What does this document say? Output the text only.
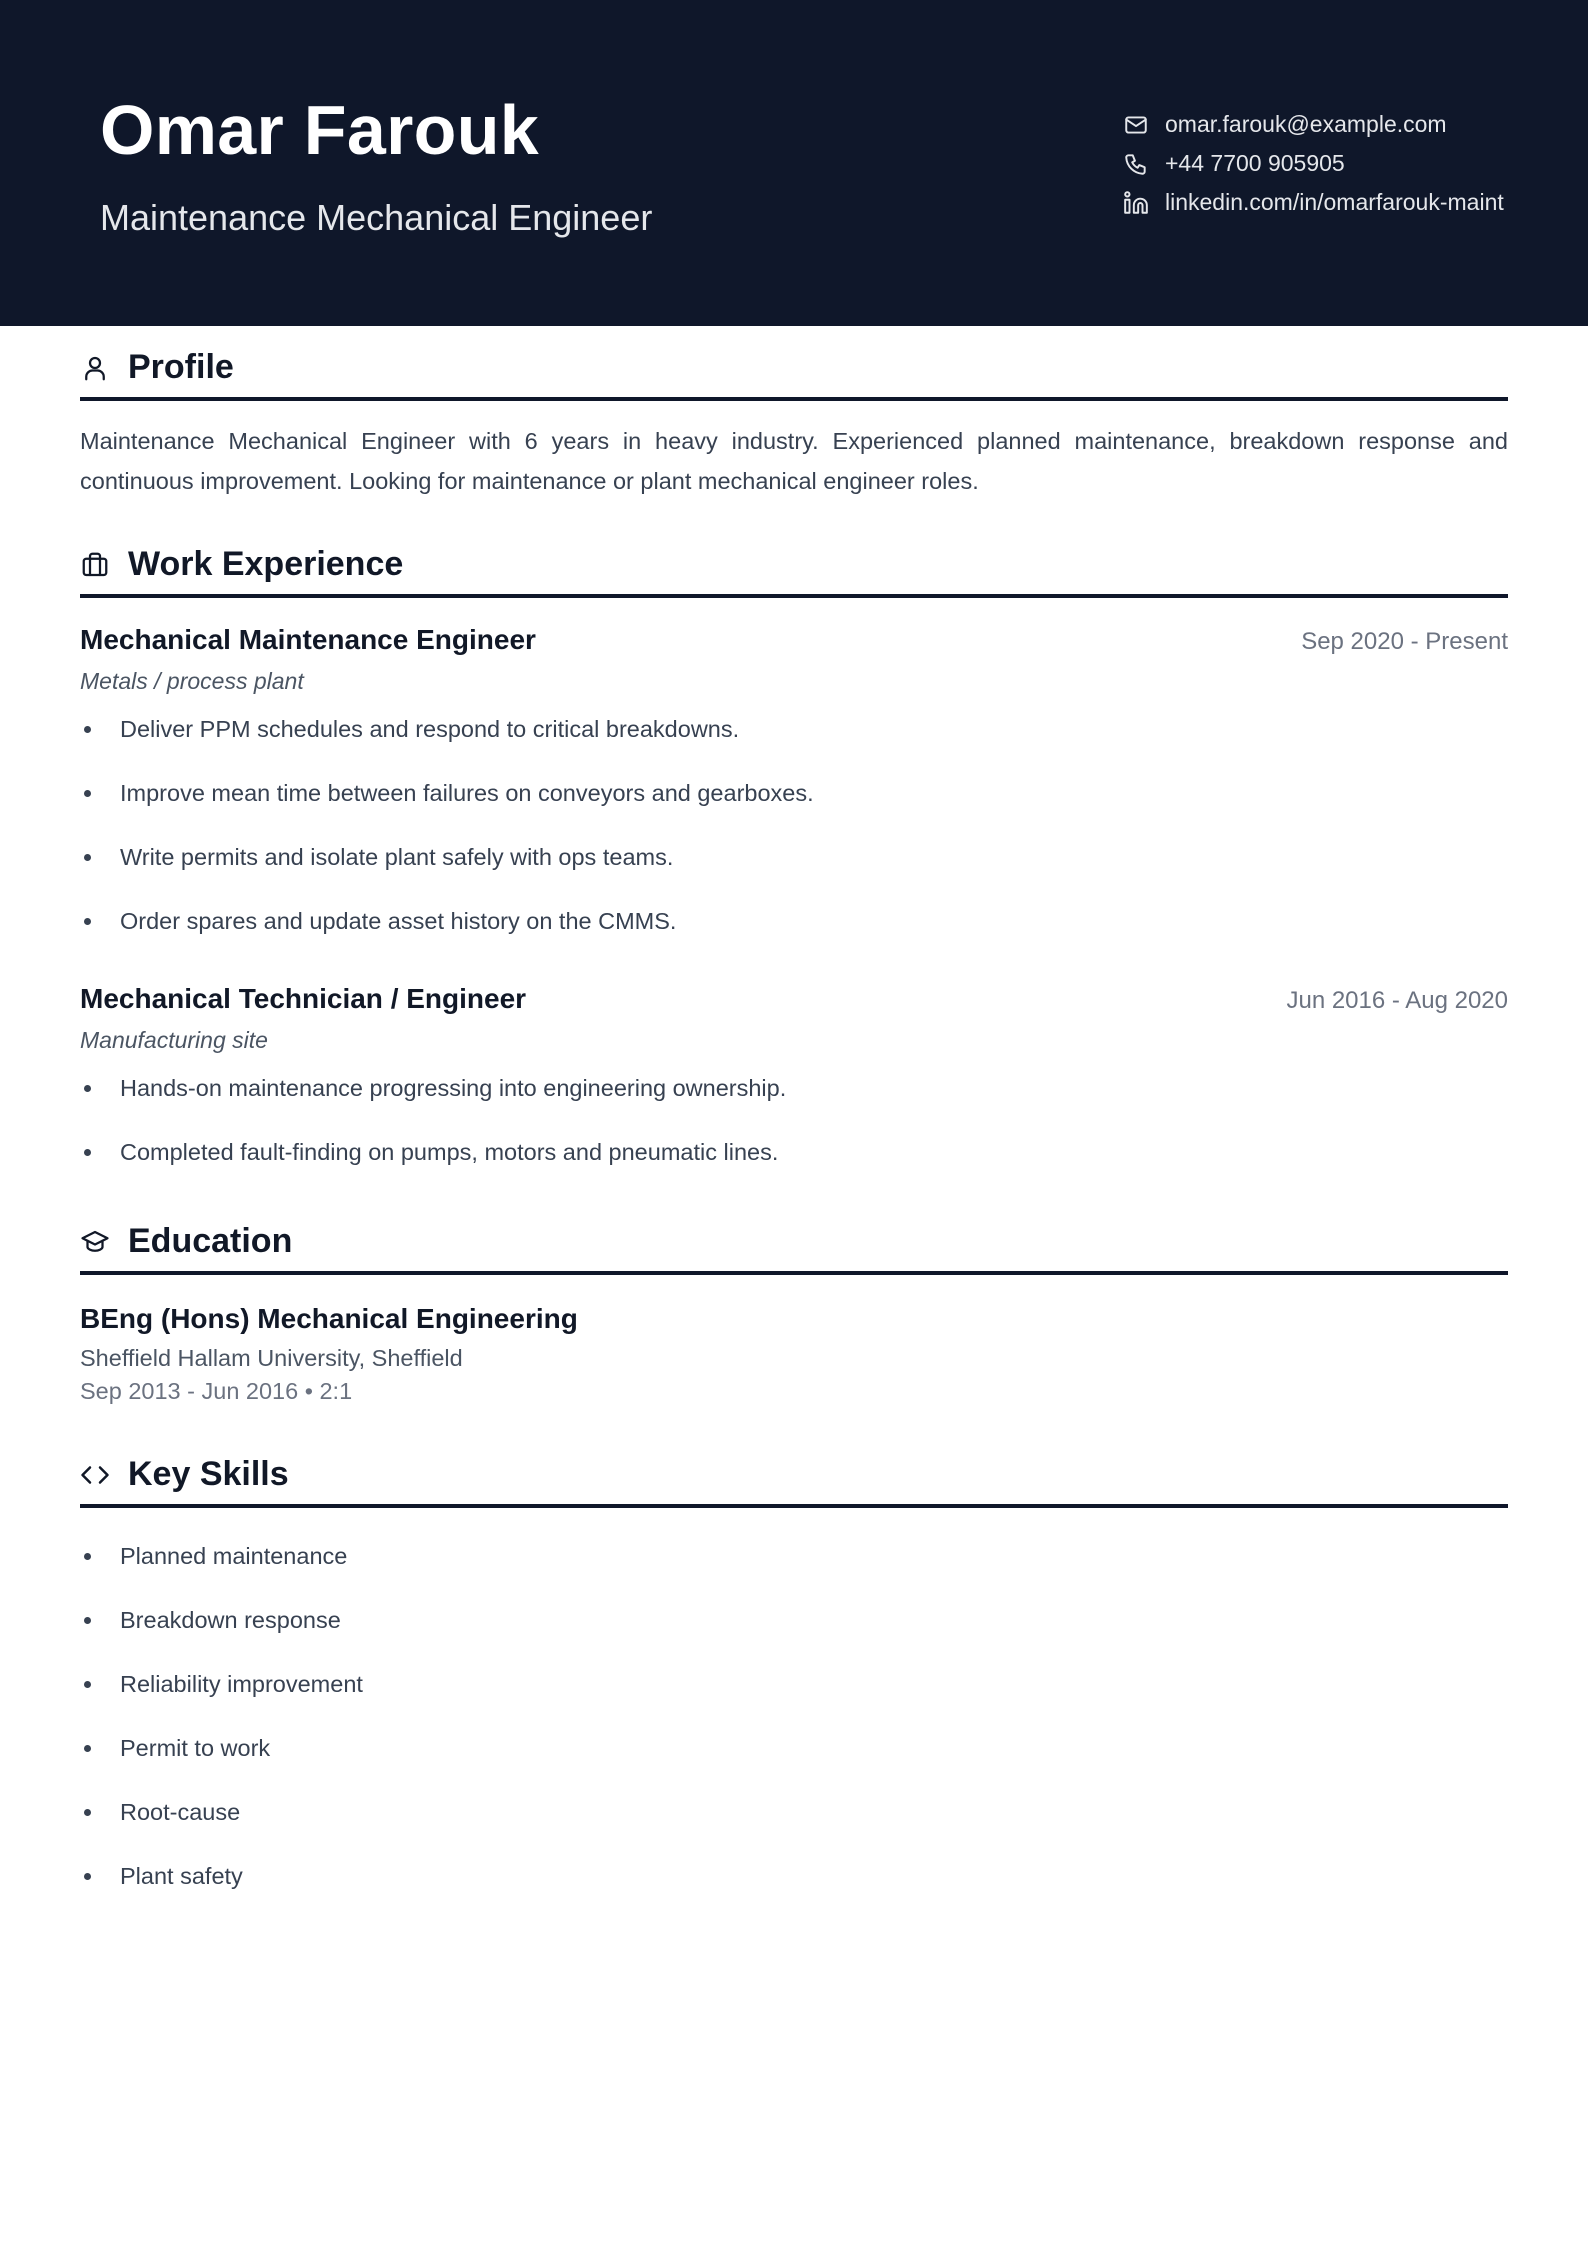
Omar Farouk
Maintenance Mechanical Engineer
omar.farouk@example.com
+44 7700 905905
linkedin.com/in/omarfarouk-maint
Profile
Maintenance Mechanical Engineer with 6 years in heavy industry. Experienced planned maintenance, breakdown response and continuous improvement. Looking for maintenance or plant mechanical engineer roles.
Work Experience
Mechanical Maintenance Engineer	Sep 2020 - Present
Metals / process plant
Deliver PPM schedules and respond to critical breakdowns.
Improve mean time between failures on conveyors and gearboxes.
Write permits and isolate plant safely with ops teams.
Order spares and update asset history on the CMMS.
Mechanical Technician / Engineer	Jun 2016 - Aug 2020
Manufacturing site
Hands-on maintenance progressing into engineering ownership.
Completed fault-finding on pumps, motors and pneumatic lines.
Education
BEng (Hons) Mechanical Engineering
Sheffield Hallam University, Sheffield
Sep 2013 - Jun 2016 • 2:1
Key Skills
Planned maintenance
Breakdown response
Reliability improvement
Permit to work
Root-cause
Plant safety
